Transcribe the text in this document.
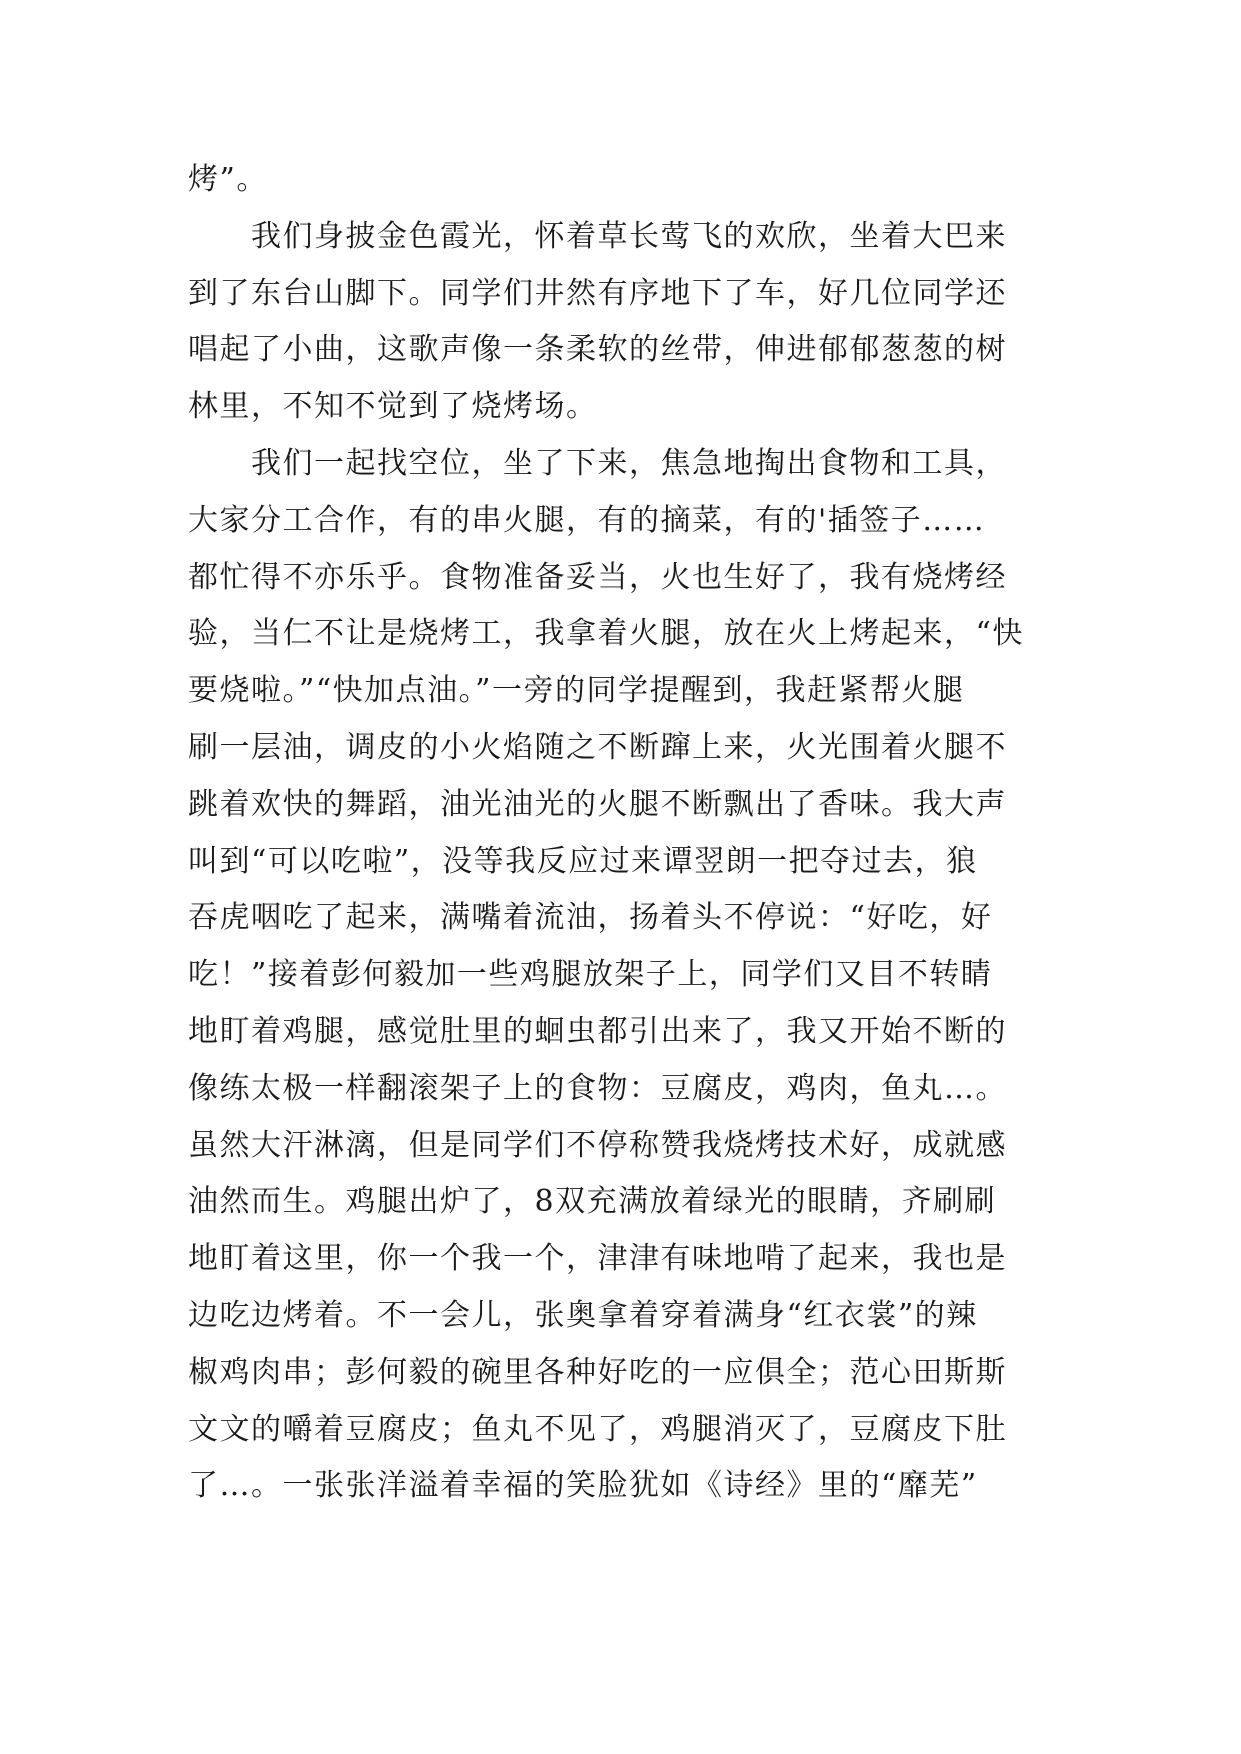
烤”。
　　我们身披金色霞光，怀着草长莺飞的欢欣，坐着大巴来
到了东台山脚下。同学们井然有序地下了车，好几位同学还
唱起了小曲，这歌声像一条柔软的丝带，伸进郁郁葱葱的树
林里，不知不觉到了烧烤场。
　　我们一起找空位，坐了下来，焦急地掏出食物和工具，
大家分工合作，有的串火腿，有的摘菜，有的'插签子……
都忙得不亦乐乎。食物准备妥当，火也生好了，我有烧烤经
验，当仁不让是烧烤工，我拿着火腿，放在火上烤起来，“快
要烧啦。”“快加点油。”一旁的同学提醒到，我赶紧帮火腿
刷一层油，调皮的小火焰随之不断蹿上来，火光围着火腿不
跳着欢快的舞蹈，油光油光的火腿不断飘出了香味。我大声
叫到“可以吃啦”，没等我反应过来谭翌朗一把夺过去，狼
吞虎咽吃了起来，满嘴着流油，扬着头不停说：“好吃，好
吃！”接着彭何毅加一些鸡腿放架子上，同学们又目不转睛
地盯着鸡腿，感觉肚里的蛔虫都引出来了，我又开始不断的
像练太极一样翻滚架子上的食物：豆腐皮，鸡肉，鱼丸…。
虽然大汗淋漓，但是同学们不停称赞我烧烤技术好，成就感
油然而生。鸡腿出炉了，8双充满放着绿光的眼睛，齐刷刷
地盯着这里，你一个我一个，津津有味地啃了起来，我也是
边吃边烤着。不一会儿，张奥拿着穿着满身“红衣裳”的辣
椒鸡肉串；彭何毅的碗里各种好吃的一应俱全；范心田斯斯
文文的嚼着豆腐皮；鱼丸不见了，鸡腿消灭了，豆腐皮下肚
了…。一张张洋溢着幸福的笑脸犹如《诗经》里的“靡芜”
